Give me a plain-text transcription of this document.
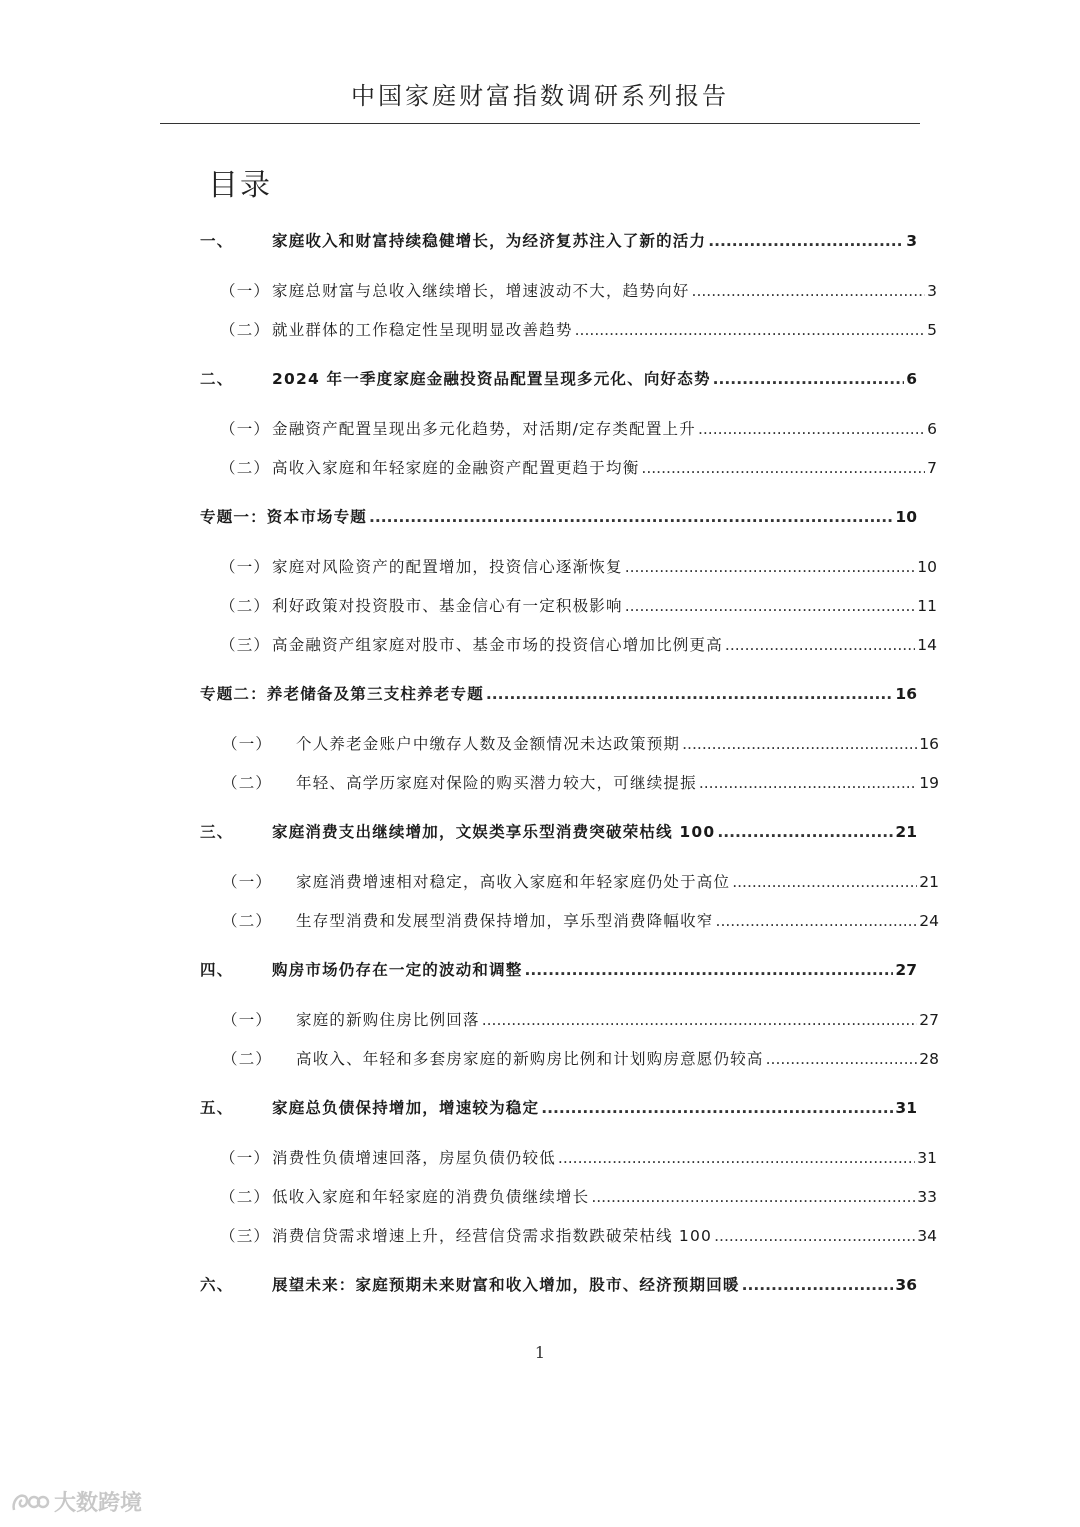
中国家庭财富指数调研系列报告
目录
一、	家庭收入和财富持续稳健增长，为经济复苏注入了新的活力 .....	3
（一） 家庭总财富与总收入继续增长，增速波动不大，趋势向好 .....	3
（二） 就业群体的工作稳定性呈现明显改善趋势 .....	5
二、	2024 年一季度家庭金融投资品配置呈现多元化、向好态势 .....	6
（一） 金融资产配置呈现出多元化趋势，对活期/定存类配置上升 .....	6
（二） 高收入家庭和年轻家庭的金融资产配置更趋于均衡 .....	7
专题一：资本市场专题 .....	10
（一） 家庭对风险资产的配置增加，投资信心逐渐恢复 .....	10
（二） 利好政策对投资股市、基金信心有一定积极影响 .....	11
（三） 高金融资产组家庭对股市、基金市场的投资信心增加比例更高 .....	14
专题二：养老储备及第三支柱养老专题 .....	16
（一）	个人养老金账户中缴存人数及金额情况未达政策预期 .....	16
（二）	年轻、高学历家庭对保险的购买潜力较大，可继续提振 .....	19
三、	家庭消费支出继续增加，文娱类享乐型消费突破荣枯线 100 .....	21
（一）	家庭消费增速相对稳定，高收入家庭和年轻家庭仍处于高位 .....	21
（二）	生存型消费和发展型消费保持增加，享乐型消费降幅收窄 .....	24
四、	购房市场仍存在一定的波动和调整 .....	27
（一）	家庭的新购住房比例回落 .....	27
（二）	高收入、年轻和多套房家庭的新购房比例和计划购房意愿仍较高 .....	28
五、	家庭总负债保持增加，增速较为稳定 .....	31
（一） 消费性负债增速回落，房屋负债仍较低 .....	31
（二） 低收入家庭和年轻家庭的消费负债继续增长 .....	33
（三） 消费信贷需求增速上升，经营信贷需求指数跌破荣枯线 100 .....	34
六、	展望未来：家庭预期未来财富和收入增加，股市、经济预期回暖 .....	36
1
大数跨境
